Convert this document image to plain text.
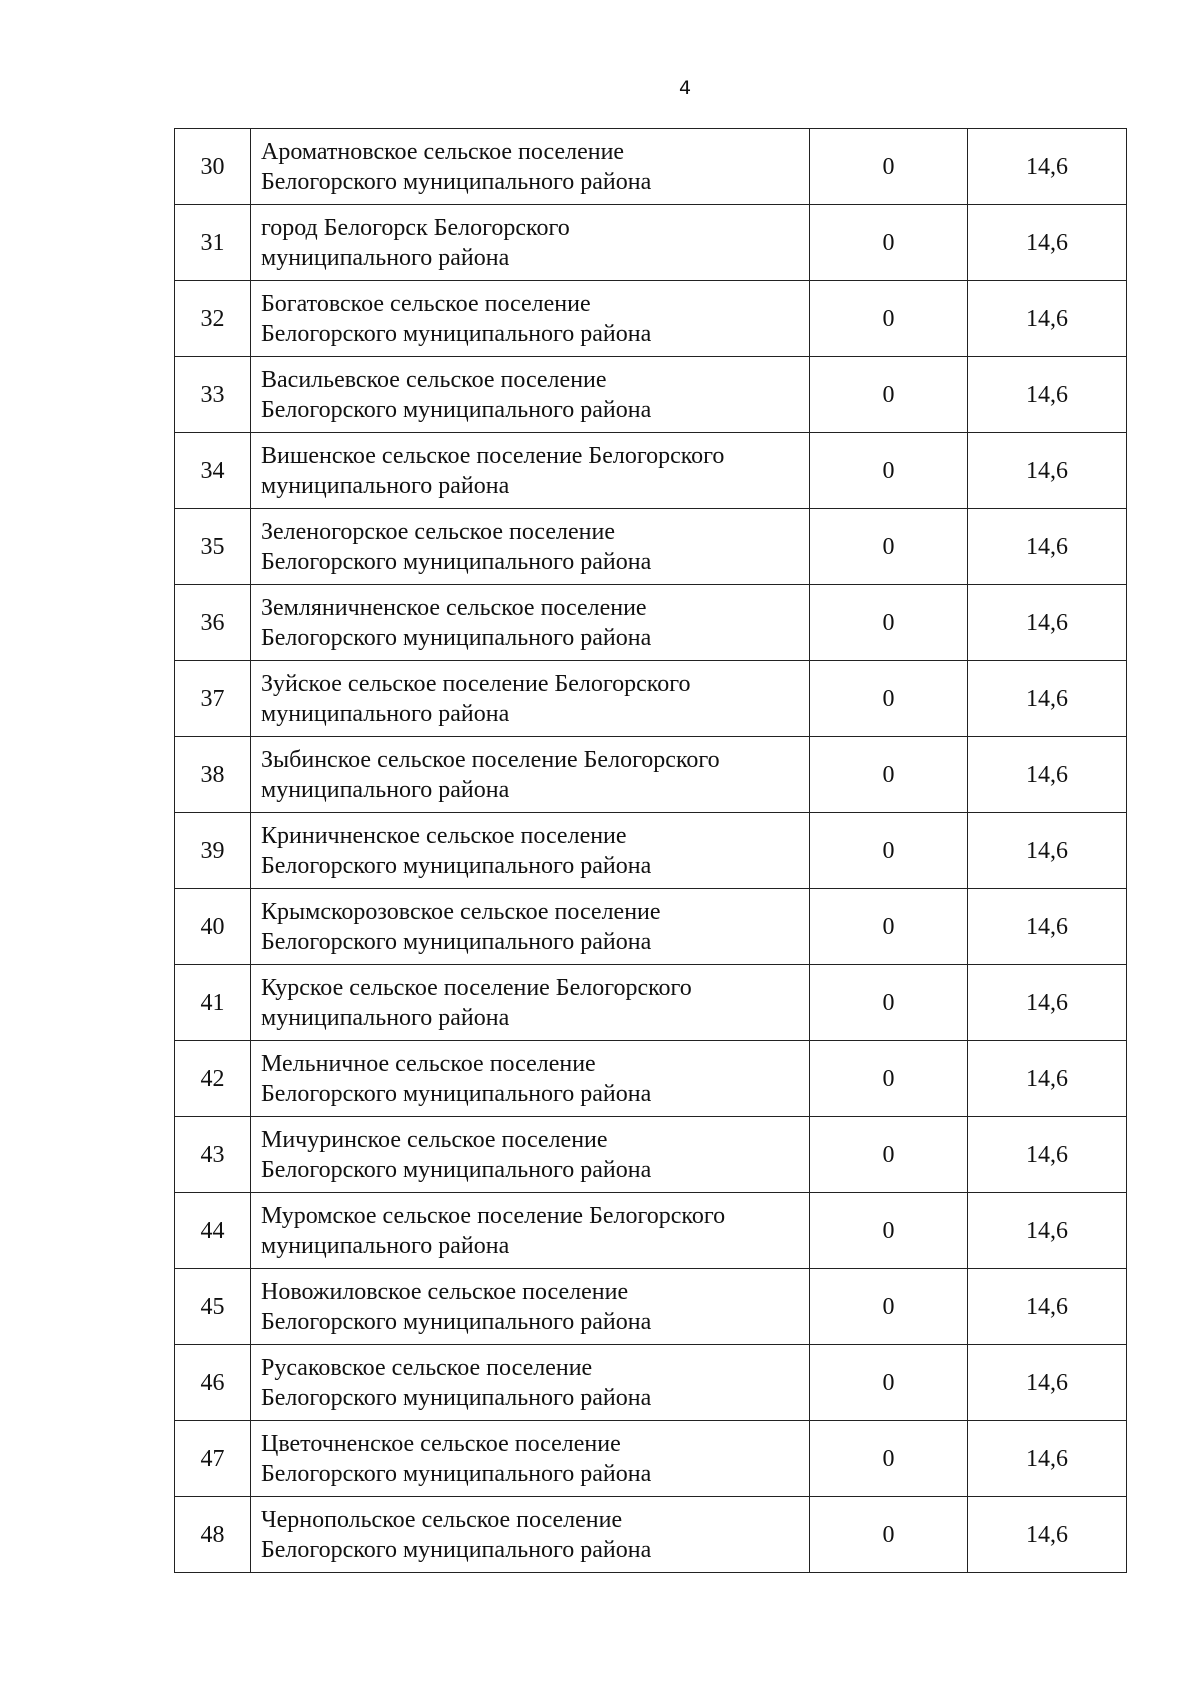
4
30	Ароматновское сельское поселение
Белогорского муниципального района	0	14,6
31	город Белогорск Белогорского
муниципального района	0	14,6
32	Богатовское сельское поселение
Белогорского муниципального района	0	14,6
33	Васильевское сельское поселение
Белогорского муниципального района	0	14,6
34	Вишенское сельское поселение Белогорского
муниципального района	0	14,6
35	Зеленогорское сельское поселение
Белогорского муниципального района	0	14,6
36	Земляничненское сельское поселение
Белогорского муниципального района	0	14,6
37	Зуйское сельское поселение Белогорского
муниципального района	0	14,6
38	Зыбинское сельское поселение Белогорского
муниципального района	0	14,6
39	Криничненское сельское поселение
Белогорского муниципального района	0	14,6
40	Крымскорозовское сельское поселение
Белогорского муниципального района	0	14,6
41	Курское сельское поселение Белогорского
муниципального района	0	14,6
42	Мельничное сельское поселение
Белогорского муниципального района	0	14,6
43	Мичуринское сельское поселение
Белогорского муниципального района	0	14,6
44	Муромское сельское поселение Белогорского
муниципального района	0	14,6
45	Новожиловское сельское поселение
Белогорского муниципального района	0	14,6
46	Русаковское сельское поселение
Белогорского муниципального района	0	14,6
47	Цветочненское сельское поселение
Белогорского муниципального района	0	14,6
48	Чернопольское сельское поселение
Белогорского муниципального района	0	14,6
